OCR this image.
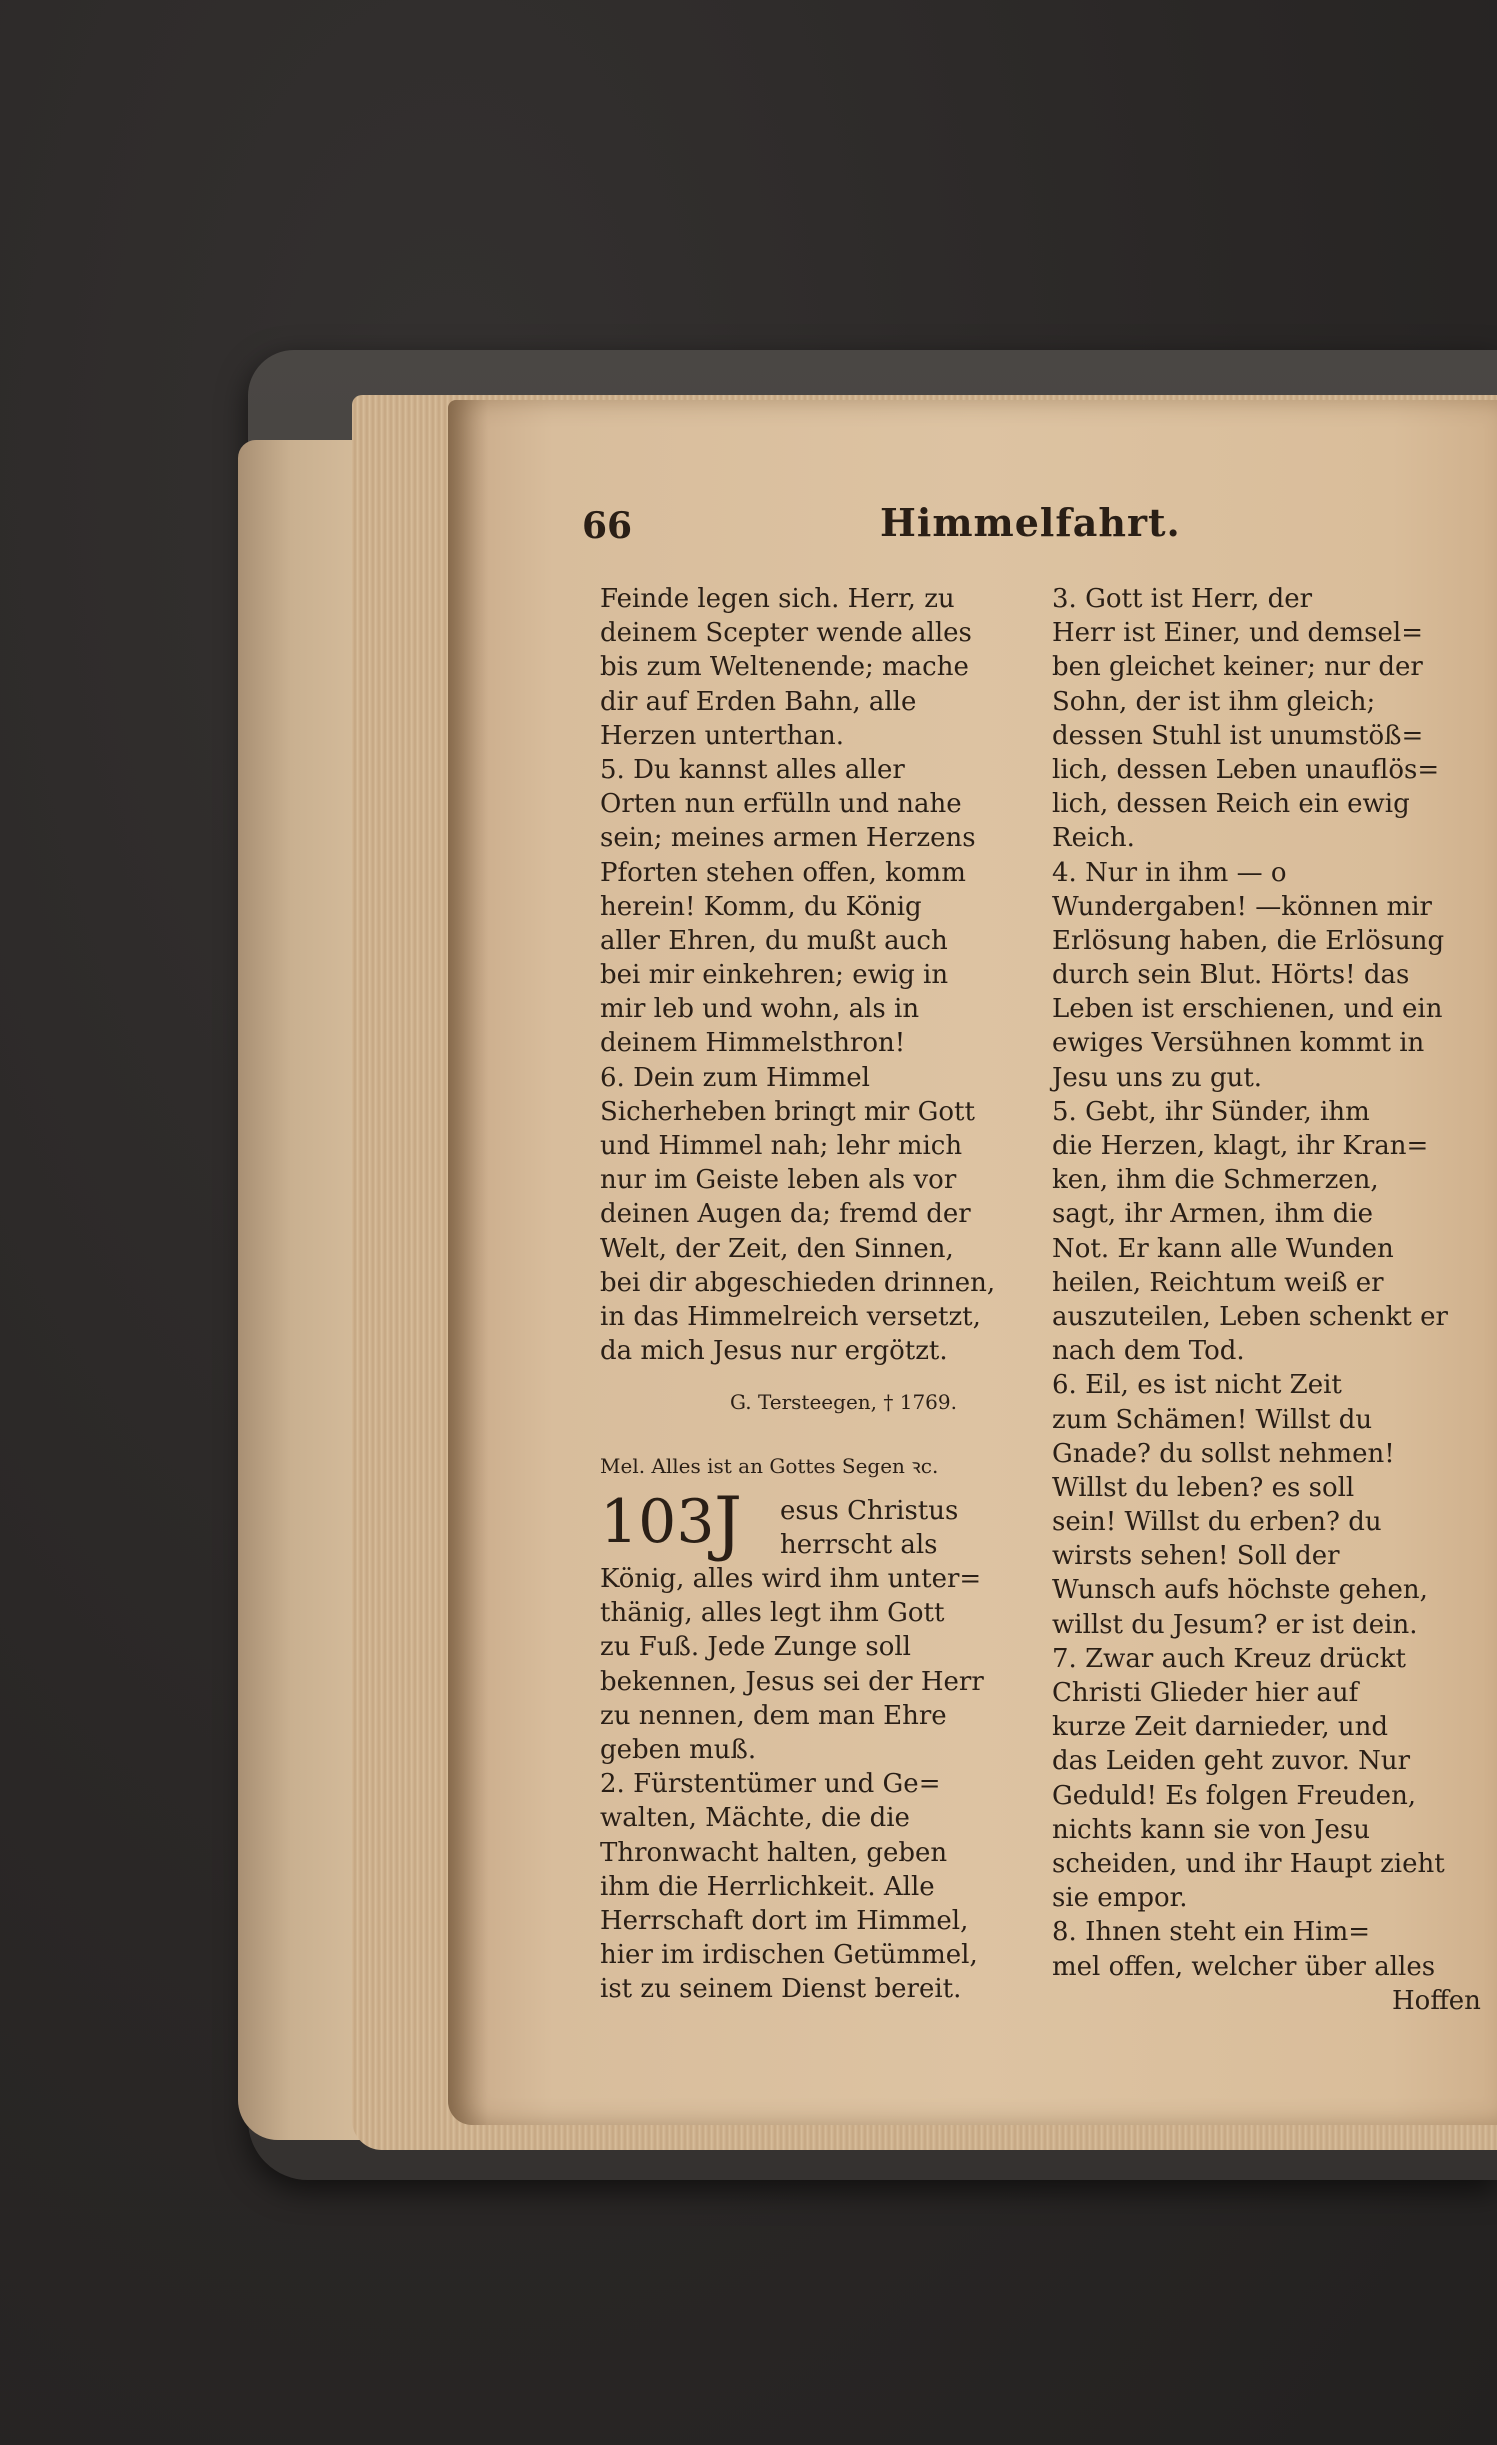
66	Himmelfahrt.
Feinde legen sich. Herr, zu
deinem Scepter wende alles
bis zum Weltenende; mache
dir auf Erden Bahn, alle
Herzen unterthan.
5. Du kannst alles aller
Orten nun erfülln und nahe
sein; meines armen Herzens
Pforten stehen offen, komm
herein! Komm, du König
aller Ehren, du mußt auch
bei mir einkehren; ewig in
mir leb und wohn, als in
deinem Himmelsthron!
6. Dein zum Himmel
Sicherheben bringt mir Gott
und Himmel nah; lehr mich
nur im Geiste leben als vor
deinen Augen da; fremd der
Welt, der Zeit, den Sinnen,
bei dir abgeschieden drinnen,
in das Himmelreich versetzt,
da mich Jesus nur ergötzt.
G. Tersteegen, † 1769.
Mel. Alles ist an Gottes Segen ꝛc.
103 J esus Christus
herrscht als
König, alles wird ihm unter=
thänig, alles legt ihm Gott
zu Fuß. Jede Zunge soll
bekennen, Jesus sei der Herr
zu nennen, dem man Ehre
geben muß.
2. Fürstentümer und Ge=
walten, Mächte, die die
Thronwacht halten, geben
ihm die Herrlichkeit. Alle
Herrschaft dort im Himmel,
hier im irdischen Getümmel,
ist zu seinem Dienst bereit.
3. Gott ist Herr, der
Herr ist Einer, und demsel=
ben gleichet keiner; nur der
Sohn, der ist ihm gleich;
dessen Stuhl ist unumstöß=
lich, dessen Leben unauflös=
lich, dessen Reich ein ewig
Reich.
4. Nur in ihm — o
Wundergaben! —können mir
Erlösung haben, die Erlösung
durch sein Blut. Hörts! das
Leben ist erschienen, und ein
ewiges Versühnen kommt in
Jesu uns zu gut.
5. Gebt, ihr Sünder, ihm
die Herzen, klagt, ihr Kran=
ken, ihm die Schmerzen,
sagt, ihr Armen, ihm die
Not. Er kann alle Wunden
heilen, Reichtum weiß er
auszuteilen, Leben schenkt er
nach dem Tod.
6. Eil, es ist nicht Zeit
zum Schämen! Willst du
Gnade? du sollst nehmen!
Willst du leben? es soll
sein! Willst du erben? du
wirsts sehen! Soll der
Wunsch aufs höchste gehen,
willst du Jesum? er ist dein.
7. Zwar auch Kreuz drückt
Christi Glieder hier auf
kurze Zeit darnieder, und
das Leiden geht zuvor. Nur
Geduld! Es folgen Freuden,
nichts kann sie von Jesu
scheiden, und ihr Haupt zieht
sie empor.
8. Ihnen steht ein Him=
mel offen, welcher über alles
Hoffen
